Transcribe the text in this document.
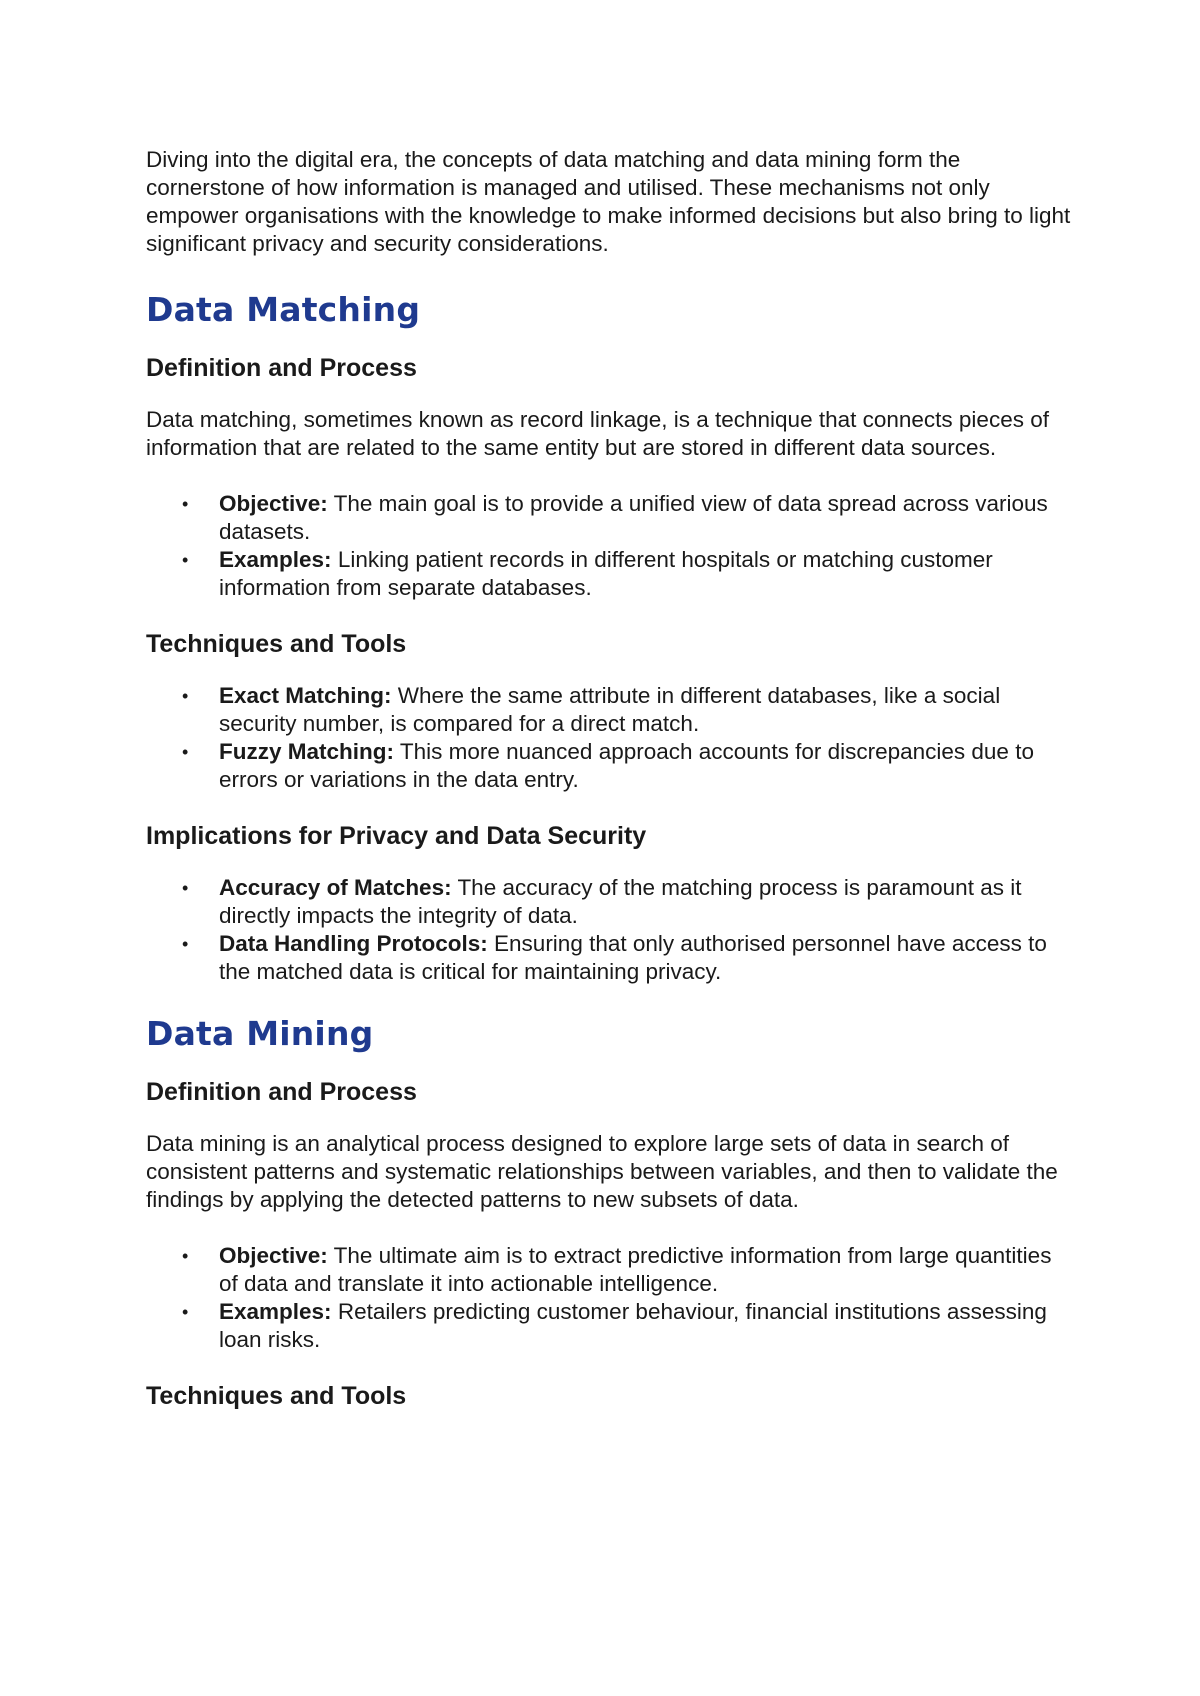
Diving into the digital era, the concepts of data matching and data mining form the cornerstone of how information is managed and utilised. These mechanisms not only empower organisations with the knowledge to make informed decisions but also bring to light significant privacy and security considerations.

Data Matching
Definition and Process

Data matching, sometimes known as record linkage, is a technique that connects pieces of information that are related to the same entity but are stored in different data sources.

• Objective: The main goal is to provide a unified view of data spread across various datasets.
• Examples: Linking patient records in different hospitals or matching customer information from separate databases.
Techniques and Tools
• Exact Matching: Where the same attribute in different databases, like a social security number, is compared for a direct match.
• Fuzzy Matching: This more nuanced approach accounts for discrepancies due to errors or variations in the data entry.
Implications for Privacy and Data Security
• Accuracy of Matches: The accuracy of the matching process is paramount as it directly impacts the integrity of data.
• Data Handling Protocols: Ensuring that only authorised personnel have access to the matched data is critical for maintaining privacy.
Data Mining
Definition and Process

Data mining is an analytical process designed to explore large sets of data in search of consistent patterns and systematic relationships between variables, and then to validate the findings by applying the detected patterns to new subsets of data.

• Objective: The ultimate aim is to extract predictive information from large quantities of data and translate it into actionable intelligence.
• Examples: Retailers predicting customer behaviour, financial institutions assessing loan risks.
Techniques and Tools
